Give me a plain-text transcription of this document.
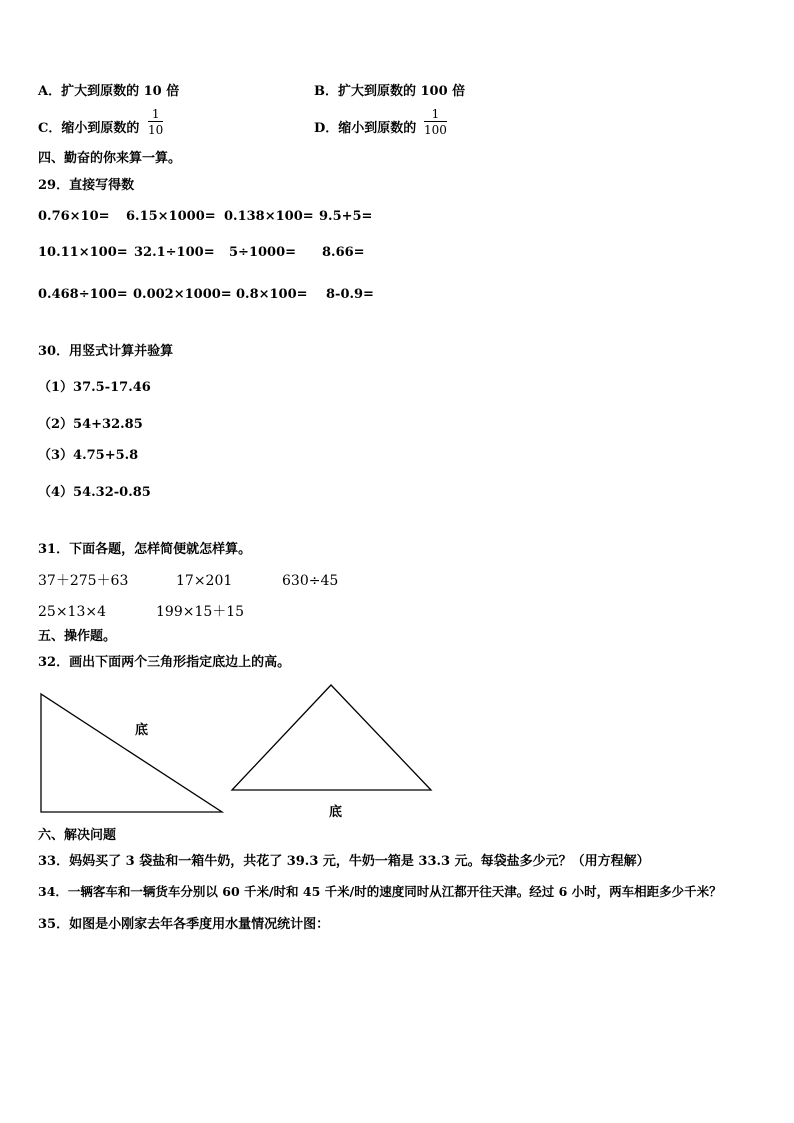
A．扩大到原数的 10 倍	B．扩大到原数的 100 倍
C．缩小到原数的 $\frac{1}{10}$	D．缩小到原数的 $\frac{1}{100}$
四、勤奋的你来算一算。
29．直接写得数
0.76×10= 6.15×1000= 0.138×100= 9.5+5=
10.11×100= 32.1÷100= 5÷1000= 8.66=
0.468÷100= 0.002×1000= 0.8×100= 8-0.9=
30．用竖式计算并验算
（1）37.5-17.46
（2）54+32.85
（3）4.75+5.8
（4）54.32-0.85
31．下面各题，怎样简便就怎样算。
37＋275＋63	17×201	630÷45
25×13×4	199×15＋15
五、操作题。
32．画出下面两个三角形指定底边上的高。
底
底
六、解决问题
33．妈妈买了 3 袋盐和一箱牛奶，共花了 39.3 元，牛奶一箱是 33.3 元。每袋盐多少元？（用方程解）
34．一辆客车和一辆货车分别以 60 千米/时和 45 千米/时的速度同时从江都开往天津。经过 6 小时，两车相距多少千米？
35．如图是小刚家去年各季度用水量情况统计图：
